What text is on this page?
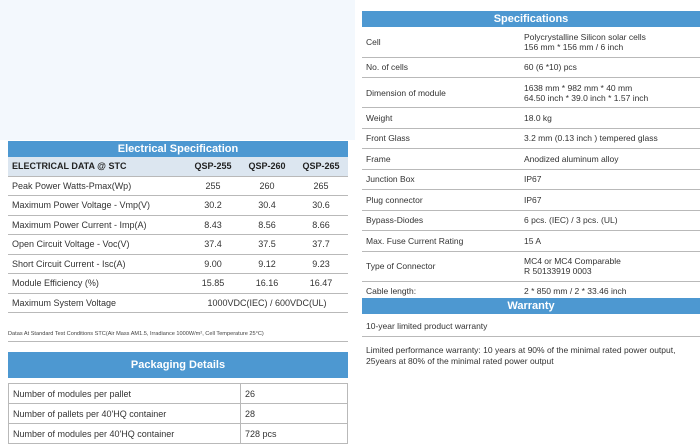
Electrical Specification
ELECTRICAL DATA @ STC	QSP-255	QSP-260	QSP-265
Peak Power Watts-Pmax(Wp)	255	260	265
Maximum Power Voltage - Vmp(V)	30.2	30.4	30.6
Maximum Power Current - Imp(A)	8.43	8.56	8.66
Open Circuit Voltage - Voc(V)	37.4	37.5	37.7
Short Circuit Current - Isc(A)	9.00	9.12	9.23
Module Efficiency (%)	15.85	16.16	16.47
Maximum System Voltage	1000VDC(IEC) / 600VDC(UL)		
Datas At Standard Test Conditions STC(Air Mass AM1.5, Irradiance 1000W/m², Cell Temperature 25°C)
Packaging Details
Number of modules per pallet	26
Number of pallets per 40'HQ container	28
Number of modules per 40'HQ container	728 pcs
Specifications
Cell	Polycrystalline Silicon solar cells
156 mm * 156 mm / 6 inch

No. of cells	60 (6 *10) pcs

Dimension of module	1638 mm * 982 mm * 40 mm
64.50 inch * 39.0 inch * 1.57 inch

Weight	18.0 kg

Front Glass	3.2 mm (0.13 inch ) tempered glass

Frame	Anodized aluminum alloy

Junction Box	IP67

Plug connector	IP67

Bypass-Diodes	6 pcs. (IEC) / 3 pcs. (UL)

Max. Fuse Current Rating	15 A

Type of Connector	MC4 or MC4 Comparable
R 50133919 0003

Cable length:	2 * 850 mm / 2 * 33.46 inch
Warranty
10-year limited product warranty
Limited performance warranty: 10 years at 90% of the minimal rated power output, 25years at 80% of the minimal rated power output
